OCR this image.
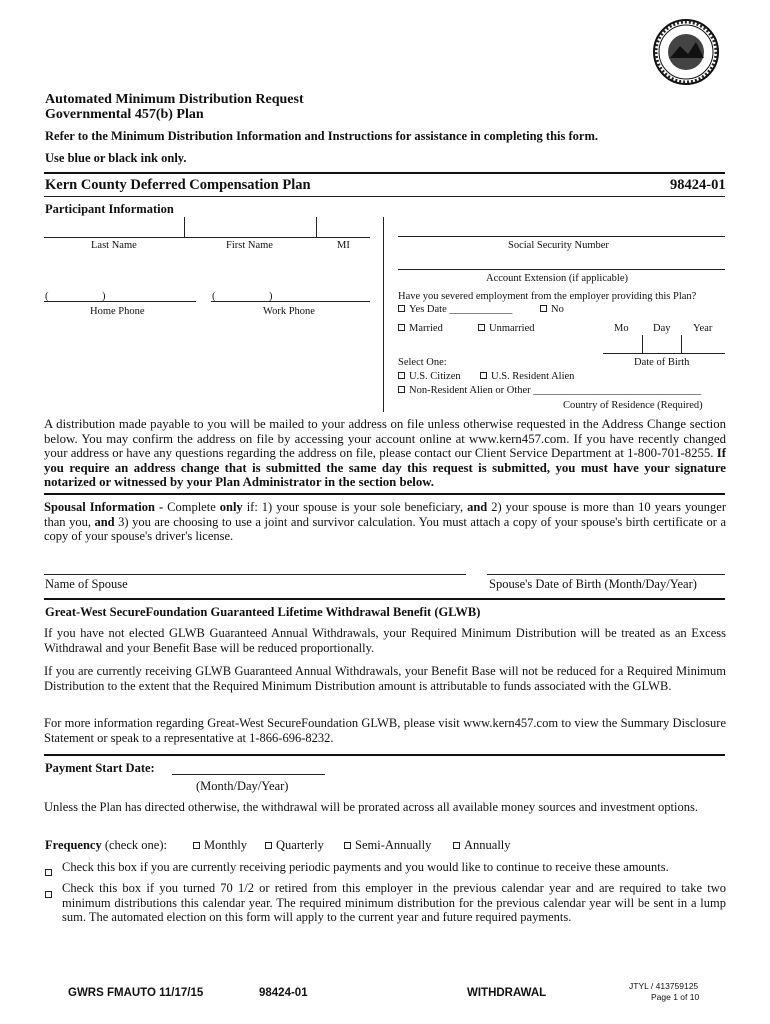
Automated Minimum Distribution Request
Governmental 457(b) Plan
Refer to the Minimum Distribution Information and Instructions for assistance in completing this form.
Use blue or black ink only.
Kern County Deferred Compensation Plan	98424-01
Participant Information
Last Name	First Name	MI	Social Security Number
Account Extension (if applicable)
(	)
Home Phone
(	)
Work Phone
Have you severed employment from the employer providing this Plan?
Yes Date ____________	No
Married	Unmarried	Mo Day Year
Date of Birth
Select One:
U.S. Citizen	U.S. Resident Alien
Non-Resident Alien or Other ________________________________
Country of Residence (Required)
A distribution made payable to you will be mailed to your address on file unless otherwise requested in the Address Change section below. You may confirm the address on file by accessing your account online at www.kern457.com. If you have recently changed your address or have any questions regarding the address on file, please contact our Client Service Department at 1-800-701-8255. If you require an address change that is submitted the same day this request is submitted, you must have your signature notarized or witnessed by your Plan Administrator in the section below.
Spousal Information - Complete only if: 1) your spouse is your sole beneficiary, and 2) your spouse is more than 10 years younger than you, and 3) you are choosing to use a joint and survivor calculation. You must attach a copy of your spouse's birth certificate or a copy of your spouse's driver's license.
Name of Spouse	Spouse's Date of Birth (Month/Day/Year)
Great-West SecureFoundation Guaranteed Lifetime Withdrawal Benefit (GLWB)
If you have not elected GLWB Guaranteed Annual Withdrawals, your Required Minimum Distribution will be treated as an Excess Withdrawal and your Benefit Base will be reduced proportionally.
If you are currently receiving GLWB Guaranteed Annual Withdrawals, your Benefit Base will not be reduced for a Required Minimum Distribution to the extent that the Required Minimum Distribution amount is attributable to funds associated with the GLWB.
For more information regarding Great-West SecureFoundation GLWB, please visit www.kern457.com to view the Summary Disclosure Statement or speak to a representative at 1-866-696-8232.
Payment Start Date:
(Month/Day/Year)
Unless the Plan has directed otherwise, the withdrawal will be prorated across all available money sources and investment options.
Frequency (check one):	Monthly	Quarterly	Semi-Annually	Annually
Check this box if you are currently receiving periodic payments and you would like to continue to receive these amounts.
Check this box if you turned 70 1/2 or retired from this employer in the previous calendar year and are required to take two minimum distributions this calendar year. The required minimum distribution for the previous calendar year will be sent in a lump sum. The automated election on this form will apply to the current year and future required payments.
GWRS FMAUTO 11/17/15	98424-01	WITHDRAWAL
JTYL / 413759125
Page 1 of 10
